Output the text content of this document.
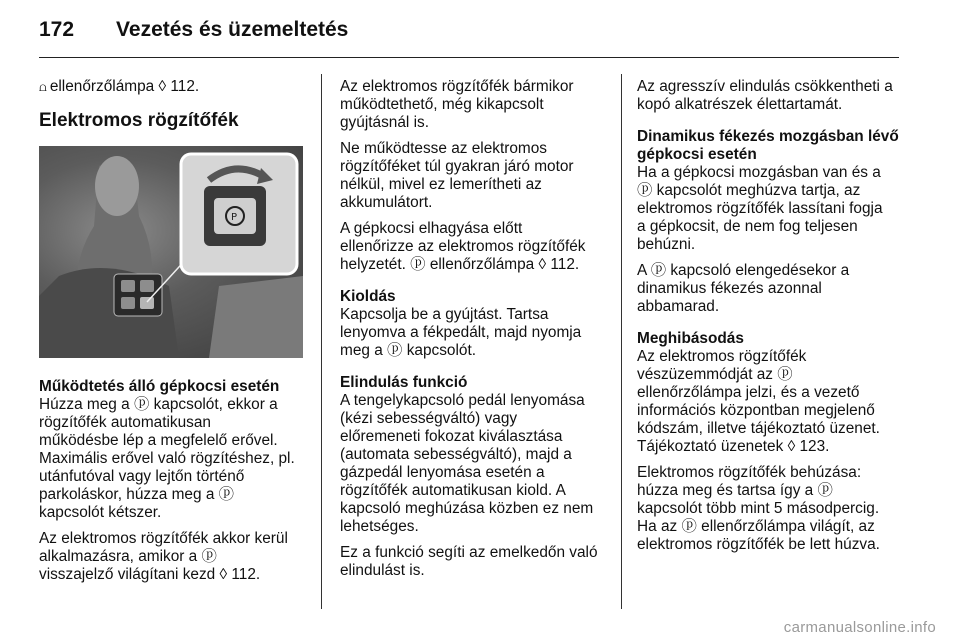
172 Vezetés és üzemeltetés

⩍ ellenőrzőlámpa ◊ 112.

Elektromos rögzítőfék
P

Működtetés álló gépkocsi esetén

Húzza meg a ⓟ kapcsolót, ekkor a
rögzítőfék automatikusan
működésbe lép a megfelelő erővel.
Maximális erővel való rögzítéshez, pl.
utánfutóval vagy lejtőn történő
parkoláskor, húzza meg a ⓟ
kapcsolót kétszer.

Az elektromos rögzítőfék akkor kerül
alkalmazásra, amikor a ⓟ
visszajelző világítani kezd ◊ 112.

Az elektromos rögzítőfék bármikor
működtethető, még kikapcsolt
gyújtásnál is.

Ne működtesse az elektromos
rögzítőféket túl gyakran járó motor
nélkül, mivel ez lemerítheti az
akkumulátort.

A gépkocsi elhagyása előtt
ellenőrizze az elektromos rögzítőfék
helyzetét. ⓟ ellenőrzőlámpa ◊ 112.

Kioldás

Kapcsolja be a gyújtást. Tartsa
lenyomva a fékpedált, majd nyomja
meg a ⓟ kapcsolót.

Elindulás funkció

A tengelykapcsoló pedál lenyomása
(kézi sebességváltó) vagy
előremeneti fokozat kiválasztása
(automata sebességváltó), majd a
gázpedál lenyomása esetén a
rögzítőfék automatikusan kiold. A
kapcsoló meghúzása közben ez nem
lehetséges.

Ez a funkció segíti az emelkedőn való
elindulást is.

Az agresszív elindulás csökkentheti a
kopó alkatrészek élettartamát.

Dinamikus fékezés mozgásban lévő
gépkocsi esetén

Ha a gépkocsi mozgásban van és a
ⓟ kapcsolót meghúzva tartja, az
elektromos rögzítőfék lassítani fogja
a gépkocsit, de nem fog teljesen
behúzni.

A ⓟ kapcsoló elengedésekor a
dinamikus fékezés azonnal
abbamarad.

Meghibásodás

Az elektromos rögzítőfék
vészüzemmódját az ⓟ
ellenőrzőlámpa jelzi, és a vezető
információs központban megjelenő
kódszám, illetve tájékoztató üzenet.
Tájékoztató üzenetek ◊ 123.

Elektromos rögzítőfék behúzása:
húzza meg és tartsa így a ⓟ
kapcsolót több mint 5 másodpercig.
Ha az ⓟ ellenőrzőlámpa világít, az
elektromos rögzítőfék be lett húzva.

carmanualsonline.info
